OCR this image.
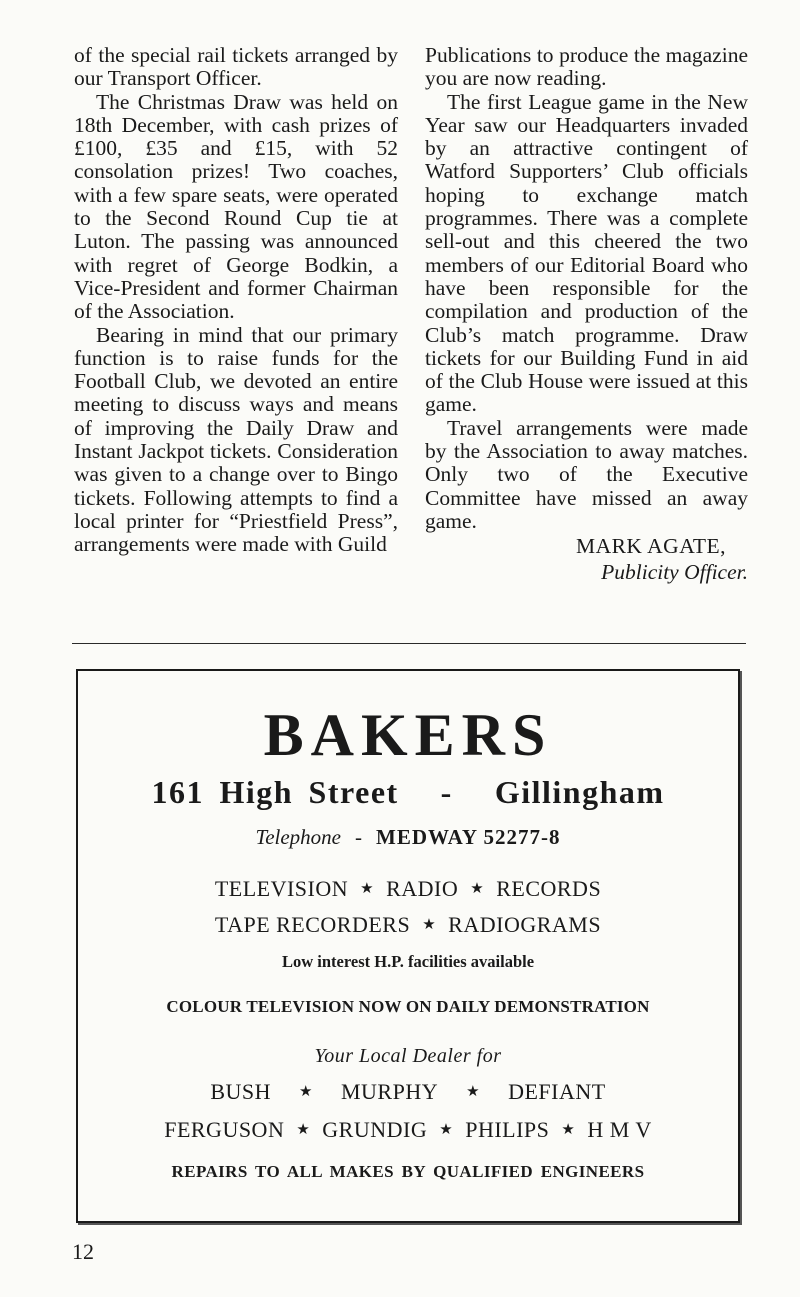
of the special rail tickets arranged by our Transport Officer.

The Christmas Draw was held on 18th December, with cash prizes of £100, £35 and £15, with 52 consolation prizes! Two coaches, with a few spare seats, were operated to the Second Round Cup tie at Luton. The passing was announced with regret of George Bodkin, a Vice-President and former Chairman of the Association.

Bearing in mind that our primary function is to raise funds for the Football Club, we devoted an entire meeting to discuss ways and means of improving the Daily Draw and Instant Jackpot tickets. Consideration was given to a change over to Bingo tickets. Following attempts to find a local printer for “Priestfield Press”, arrangements were made with Guild

Publications to produce the magazine you are now reading.

The first League game in the New Year saw our Headquarters invaded by an attractive contingent of Watford Supporters’ Club officials hoping to exchange match programmes. There was a complete sell-out and this cheered the two members of our Editorial Board who have been responsible for the compilation and production of the Club’s match programme. Draw tickets for our Building Fund in aid of the Club House were issued at this game.

Travel arrangements were made by the Association to away matches. Only two of the Executive Committee have missed an away game.

MARK AGATE,

Publicity Officer.

BAKERS
161 High Street - Gillingham
Telephone - MEDWAY 52277-8
TELEVISION ★ RADIO ★ RECORDS
TAPE RECORDERS ★ RADIOGRAMS
Low interest H.P. facilities available
COLOUR TELEVISION NOW ON DAILY DEMONSTRATION
Your Local Dealer for
BUSH ★ MURPHY ★ DEFIANT
FERGUSON ★ GRUNDIG ★ PHILIPS ★ H M V
REPAIRS TO ALL MAKES BY QUALIFIED ENGINEERS
12
